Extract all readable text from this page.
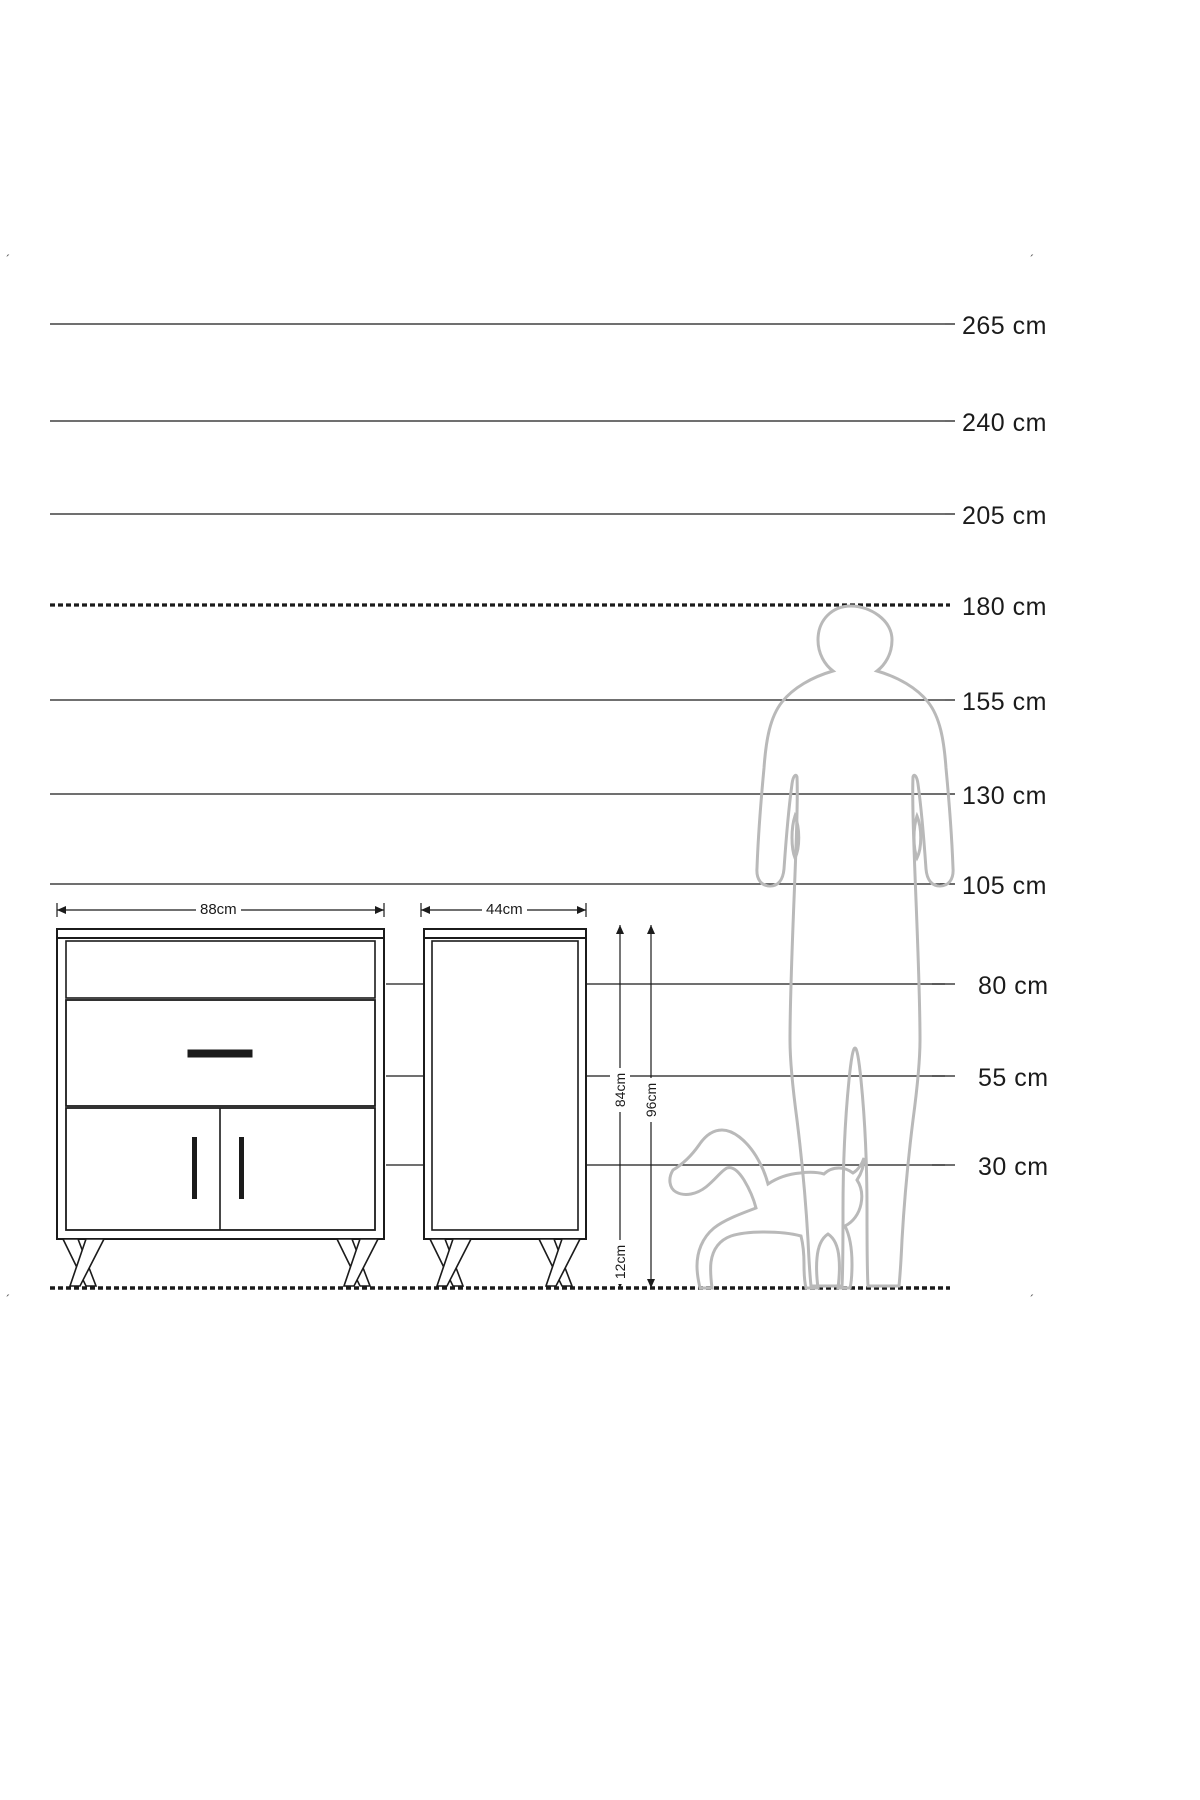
265 cm
240 cm
205 cm
180 cm
155 cm
130 cm
105 cm
80 cm
55 cm
30 cm
88cm	44cm
84cm 96cm
12cm
´	´
´	´
